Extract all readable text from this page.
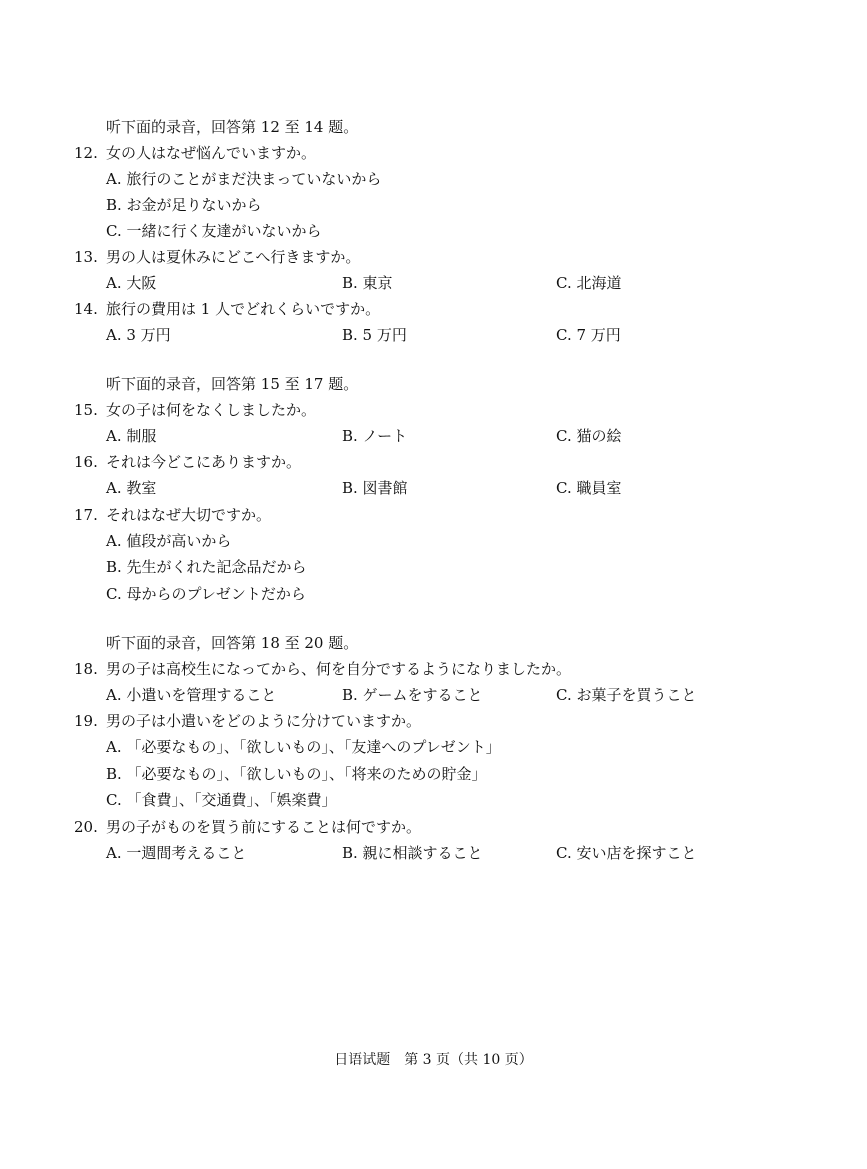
听下面的录音，回答第 12 至 14 题。
12. 女の人はなぜ悩んでいますか。
A. 旅行のことがまだ決まっていないから
B. お金が足りないから
C. 一緒に行く友達がいないから
13. 男の人は夏休みにどこへ行きますか。
A. 大阪	B. 東京	C. 北海道
14. 旅行の費用は 1 人でどれくらいですか。
A. 3 万円	B. 5 万円	C. 7 万円
听下面的录音，回答第 15 至 17 题。
15. 女の子は何をなくしましたか。
A. 制服	B. ノート	C. 猫の絵
16. それは今どこにありますか。
A. 教室	B. 図書館	C. 職員室
17. それはなぜ大切ですか。
A. 値段が高いから
B. 先生がくれた記念品だから
C. 母からのプレゼントだから
听下面的录音，回答第 18 至 20 题。
18. 男の子は高校生になってから、何を自分でするようになりましたか。
A. 小遣いを管理すること	B. ゲームをすること	C. お菓子を買うこと
19. 男の子は小遣いをどのように分けていますか。
A. 「必要なもの」、「欲しいもの」、「友達へのプレゼント」
B. 「必要なもの」、「欲しいもの」、「将来のための貯金」
C. 「食費」、「交通費」、「娯楽費」
20. 男の子がものを買う前にすることは何ですか。
A. 一週間考えること	B. 親に相談すること	C. 安い店を探すこと
日语试题　第 3 页（共 10 页）
